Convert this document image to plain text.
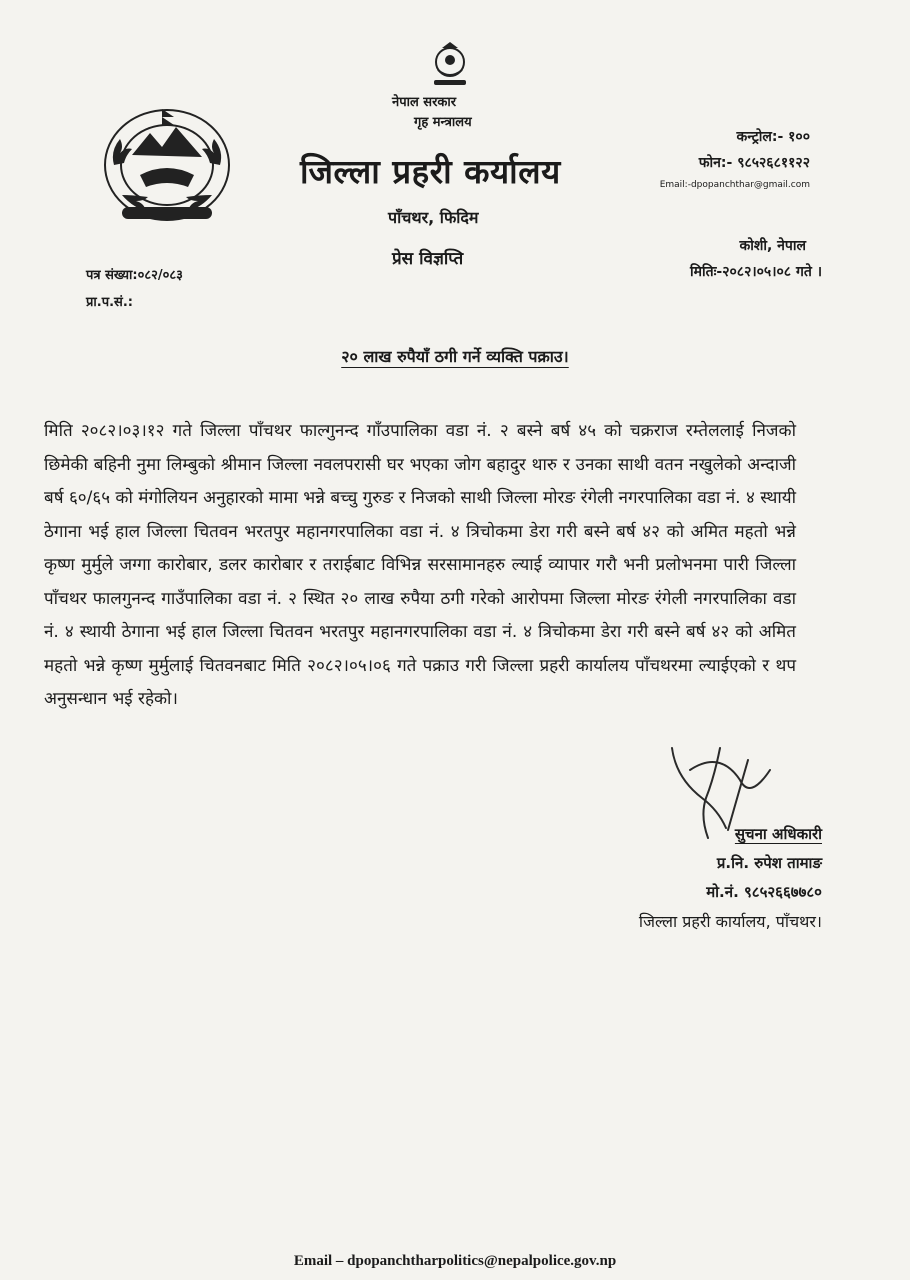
नेपाल सरकार
गृह मन्त्रालय
जिल्ला प्रहरी कर्यालय
पाँचथर, फिदिम
प्रेस विज्ञप्ति
कन्ट्रोल:- १००
फोन:- ९८५२६८११२२
Email:-dpopanchthar@gmail.com
कोशी, नेपाल
मितिः-२०८२।०५।०८ गते ।
पत्र संख्या:०८२/०८३
प्रा.प.सं.:
२० लाख रुपैयाँ ठगी गर्ने व्यक्ति पक्राउ।
मिति २०८२।०३।१२ गते जिल्ला पाँचथर फाल्गुनन्द गाँउपालिका वडा नं. २ बस्ने बर्ष ४५ को चक्रराज रम्तेललाई निजको छिमेकी बहिनी नुमा लिम्बुको श्रीमान जिल्ला नवलपरासी घर भएका जोग बहादुर थारु र उनका साथी वतन नखुलेको अन्दाजी बर्ष ६०/६५ को मंगोलियन अनुहारको मामा भन्ने बच्चु गुरुङ र निजको साथी जिल्ला मोरङ रंगेली नगरपालिका वडा नं. ४ स्थायी ठेगाना भई हाल जिल्ला चितवन भरतपुर महानगरपालिका वडा नं. ४ त्रिचोकमा डेरा गरी बस्ने बर्ष ४२ को अमित महतो भन्ने कृष्ण मुर्मुले जग्गा कारोबार, डलर कारोबार र तराईबाट विभिन्न सरसामानहरु ल्याई व्यापार गरौ भनी प्रलोभनमा पारी जिल्ला पाँचथर फालगुनन्द गाउँपालिका वडा नं. २ स्थित २० लाख रुपैया ठगी गरेको आरोपमा जिल्ला मोरङ रंगेली नगरपालिका वडा नं. ४ स्थायी ठेगाना भई हाल जिल्ला चितवन भरतपुर महानगरपालिका वडा नं. ४ त्रिचोकमा डेरा गरी बस्ने बर्ष ४२ को अमित महतो भन्ने कृष्ण मुर्मुलाई चितवनबाट मिति २०८२।०५।०६ गते पक्राउ गरी जिल्ला प्रहरी कार्यालय पाँचथरमा ल्याईएको र थप अनुसन्धान भई रहेको।
सुचना अधिकारी
प्र.नि. रुपेश तामाङ
मो.नं. ९८५२६६७७८०
जिल्ला प्रहरी कार्यालय, पाँचथर।
Email – dpopanchtharpolitics@nepalpolice.gov.np
